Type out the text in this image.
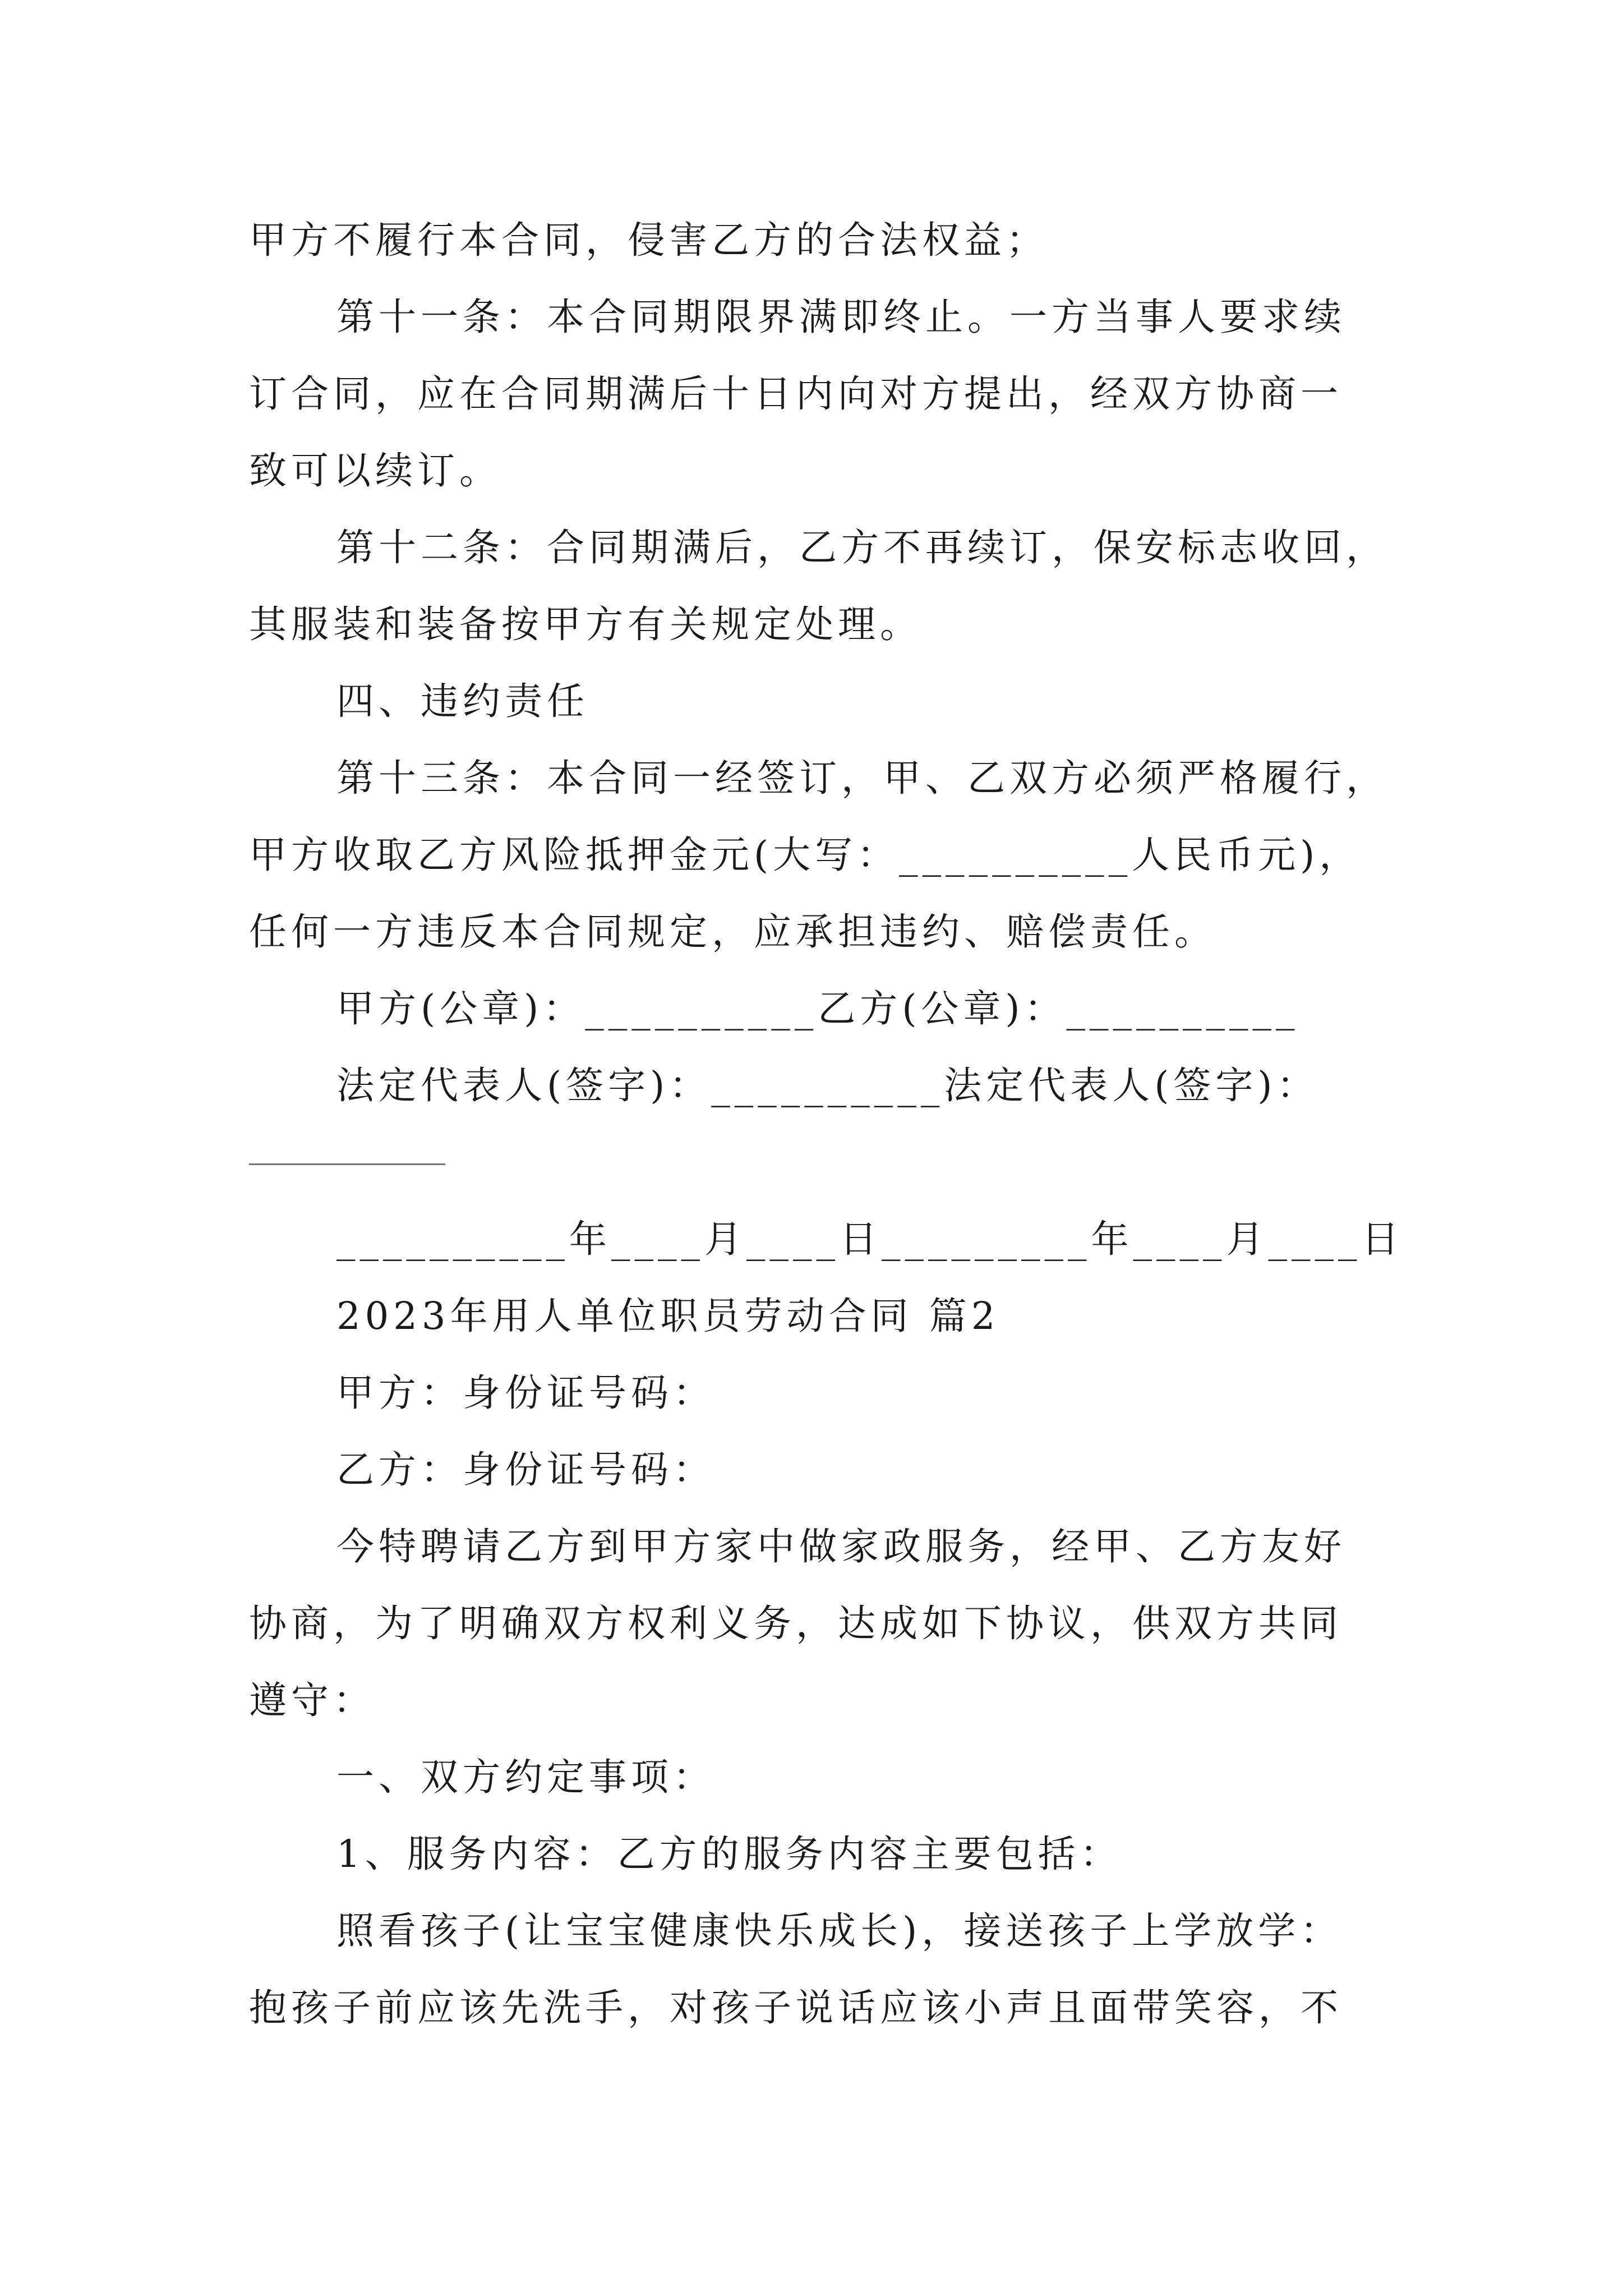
甲方不履行本合同，侵害乙方的合法权益；
第十一条：本合同期限界满即终止。一方当事人要求续
订合同，应在合同期满后十日内向对方提出，经双方协商一
致可以续订。
第十二条：合同期满后，乙方不再续订，保安标志收回，
其服装和装备按甲方有关规定处理。
四、违约责任
第十三条：本合同一经签订，甲、乙双方必须严格履行，
甲方收取乙方风险抵押金元(大写：__________人民币元)，
任何一方违反本合同规定，应承担违约、赔偿责任。
甲方(公章)：__________乙方(公章)：__________
法定代表人(签字)：__________法定代表人(签字)：
__________年____月____日_________年____月____日
2023年用人单位职员劳动合同 篇2
甲方：身份证号码：
乙方：身份证号码：
今特聘请乙方到甲方家中做家政服务，经甲、乙方友好
协商，为了明确双方权利义务，达成如下协议，供双方共同
遵守：
一、双方约定事项：
1、服务内容：乙方的服务内容主要包括：
照看孩子(让宝宝健康快乐成长)，接送孩子上学放学：
抱孩子前应该先洗手，对孩子说话应该小声且面带笑容，不
